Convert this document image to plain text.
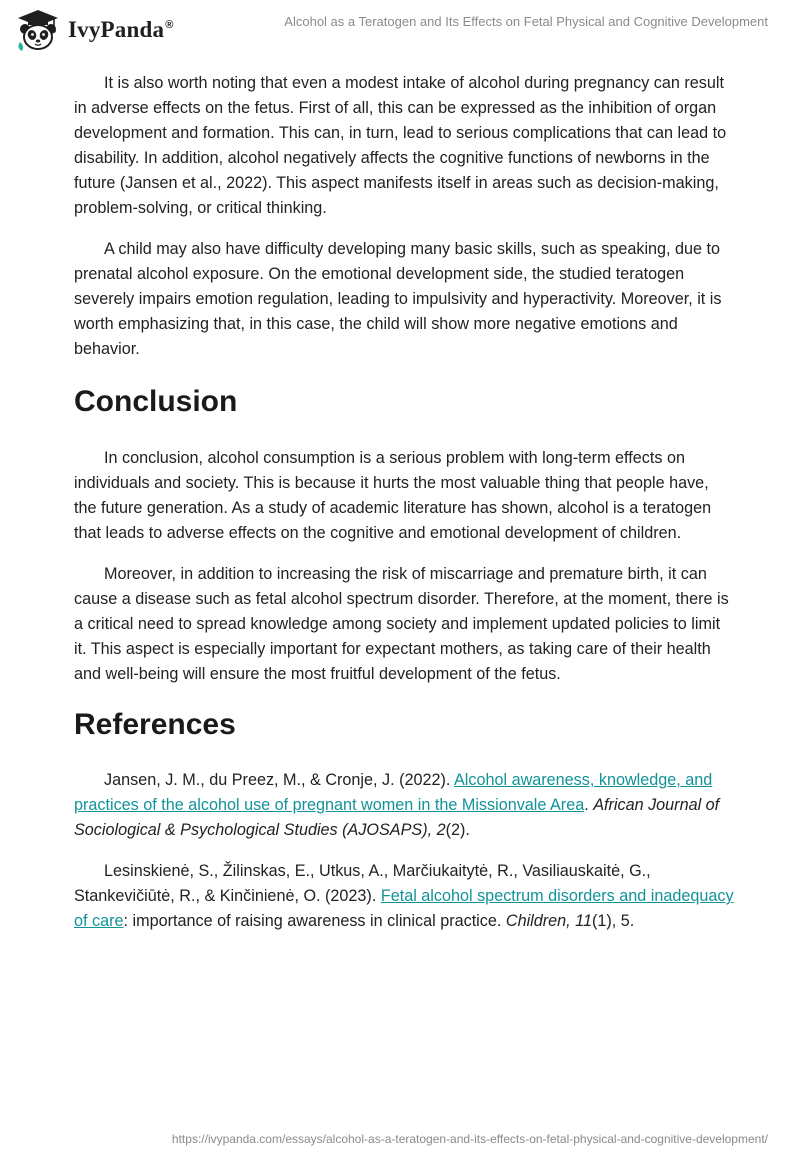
IvyPanda®	Alcohol as a Teratogen and Its Effects on Fetal Physical and Cognitive Development

It is also worth noting that even a modest intake of alcohol during pregnancy can result in adverse effects on the fetus. First of all, this can be expressed as the inhibition of organ development and formation. This can, in turn, lead to serious complications that can lead to disability. In addition, alcohol negatively affects the cognitive functions of newborns in the future (Jansen et al., 2022). This aspect manifests itself in areas such as decision-making, problem-solving, or critical thinking.

A child may also have difficulty developing many basic skills, such as speaking, due to prenatal alcohol exposure. On the emotional development side, the studied teratogen severely impairs emotion regulation, leading to impulsivity and hyperactivity. Moreover, it is worth emphasizing that, in this case, the child will show more negative emotions and behavior.

Conclusion

In conclusion, alcohol consumption is a serious problem with long-term effects on individuals and society. This is because it hurts the most valuable thing that people have, the future generation. As a study of academic literature has shown, alcohol is a teratogen that leads to adverse effects on the cognitive and emotional development of children.

Moreover, in addition to increasing the risk of miscarriage and premature birth, it can cause a disease such as fetal alcohol spectrum disorder. Therefore, at the moment, there is a critical need to spread knowledge among society and implement updated policies to limit it. This aspect is especially important for expectant mothers, as taking care of their health and well-being will ensure the most fruitful development of the fetus.

References

Jansen, J. M., du Preez, M., & Cronje, J. (2022). Alcohol awareness, knowledge, and practices of the alcohol use of pregnant women in the Missionvale Area. African Journal of Sociological & Psychological Studies (AJOSAPS), 2(2).

Lesinskienė, S., Žilinskas, E., Utkus, A., Marčiukaitytė, R., Vasiliauskaitė, G., Stankevičiūtė, R., & Kinčinienė, O. (2023). Fetal alcohol spectrum disorders and inadequacy of care: importance of raising awareness in clinical practice. Children, 11(1), 5.

https://ivypanda.com/essays/alcohol-as-a-teratogen-and-its-effects-on-fetal-physical-and-cognitive-development/
